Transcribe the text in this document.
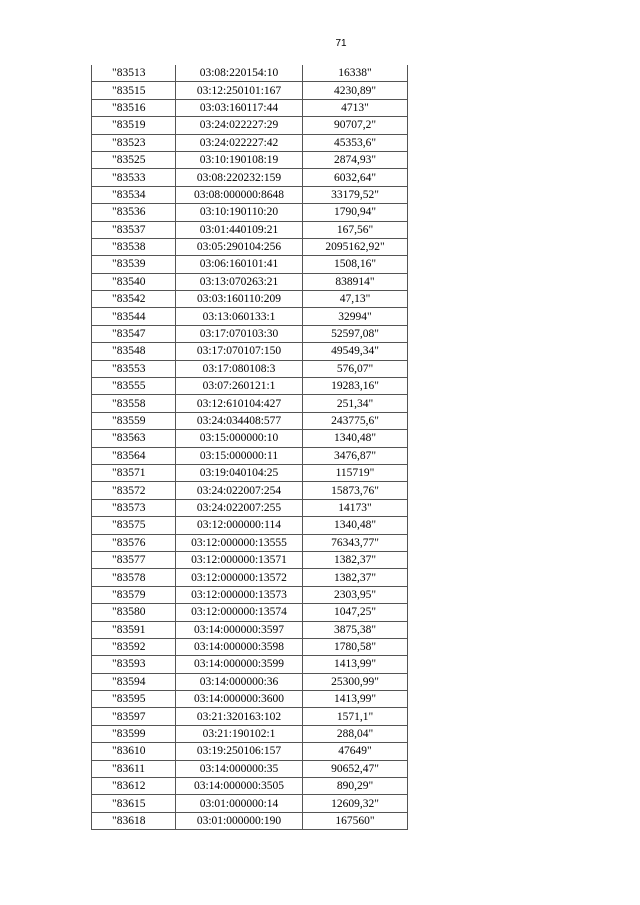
71
"83513	03:08:220154:10	16338"
"83515	03:12:250101:167	4230,89"
"83516	03:03:160117:44	4713"
"83519	03:24:022227:29	90707,2"
"83523	03:24:022227:42	45353,6"
"83525	03:10:190108:19	2874,93"
"83533	03:08:220232:159	6032,64"
"83534	03:08:000000:8648	33179,52"
"83536	03:10:190110:20	1790,94"
"83537	03:01:440109:21	167,56"
"83538	03:05:290104:256	2095162,92"
"83539	03:06:160101:41	1508,16"
"83540	03:13:070263:21	838914"
"83542	03:03:160110:209	47,13"
"83544	03:13:060133:1	32994"
"83547	03:17:070103:30	52597,08"
"83548	03:17:070107:150	49549,34"
"83553	03:17:080108:3	576,07"
"83555	03:07:260121:1	19283,16"
"83558	03:12:610104:427	251,34"
"83559	03:24:034408:577	243775,6"
"83563	03:15:000000:10	1340,48"
"83564	03:15:000000:11	3476,87"
"83571	03:19:040104:25	115719"
"83572	03:24:022007:254	15873,76"
"83573	03:24:022007:255	14173"
"83575	03:12:000000:114	1340,48"
"83576	03:12:000000:13555	76343,77"
"83577	03:12:000000:13571	1382,37"
"83578	03:12:000000:13572	1382,37"
"83579	03:12:000000:13573	2303,95"
"83580	03:12:000000:13574	1047,25"
"83591	03:14:000000:3597	3875,38"
"83592	03:14:000000:3598	1780,58"
"83593	03:14:000000:3599	1413,99"
"83594	03:14:000000:36	25300,99"
"83595	03:14:000000:3600	1413,99"
"83597	03:21:320163:102	1571,1"
"83599	03:21:190102:1	288,04"
"83610	03:19:250106:157	47649"
"83611	03:14:000000:35	90652,47"
"83612	03:14:000000:3505	890,29"
"83615	03:01:000000:14	12609,32"
"83618	03:01:000000:190	167560"
